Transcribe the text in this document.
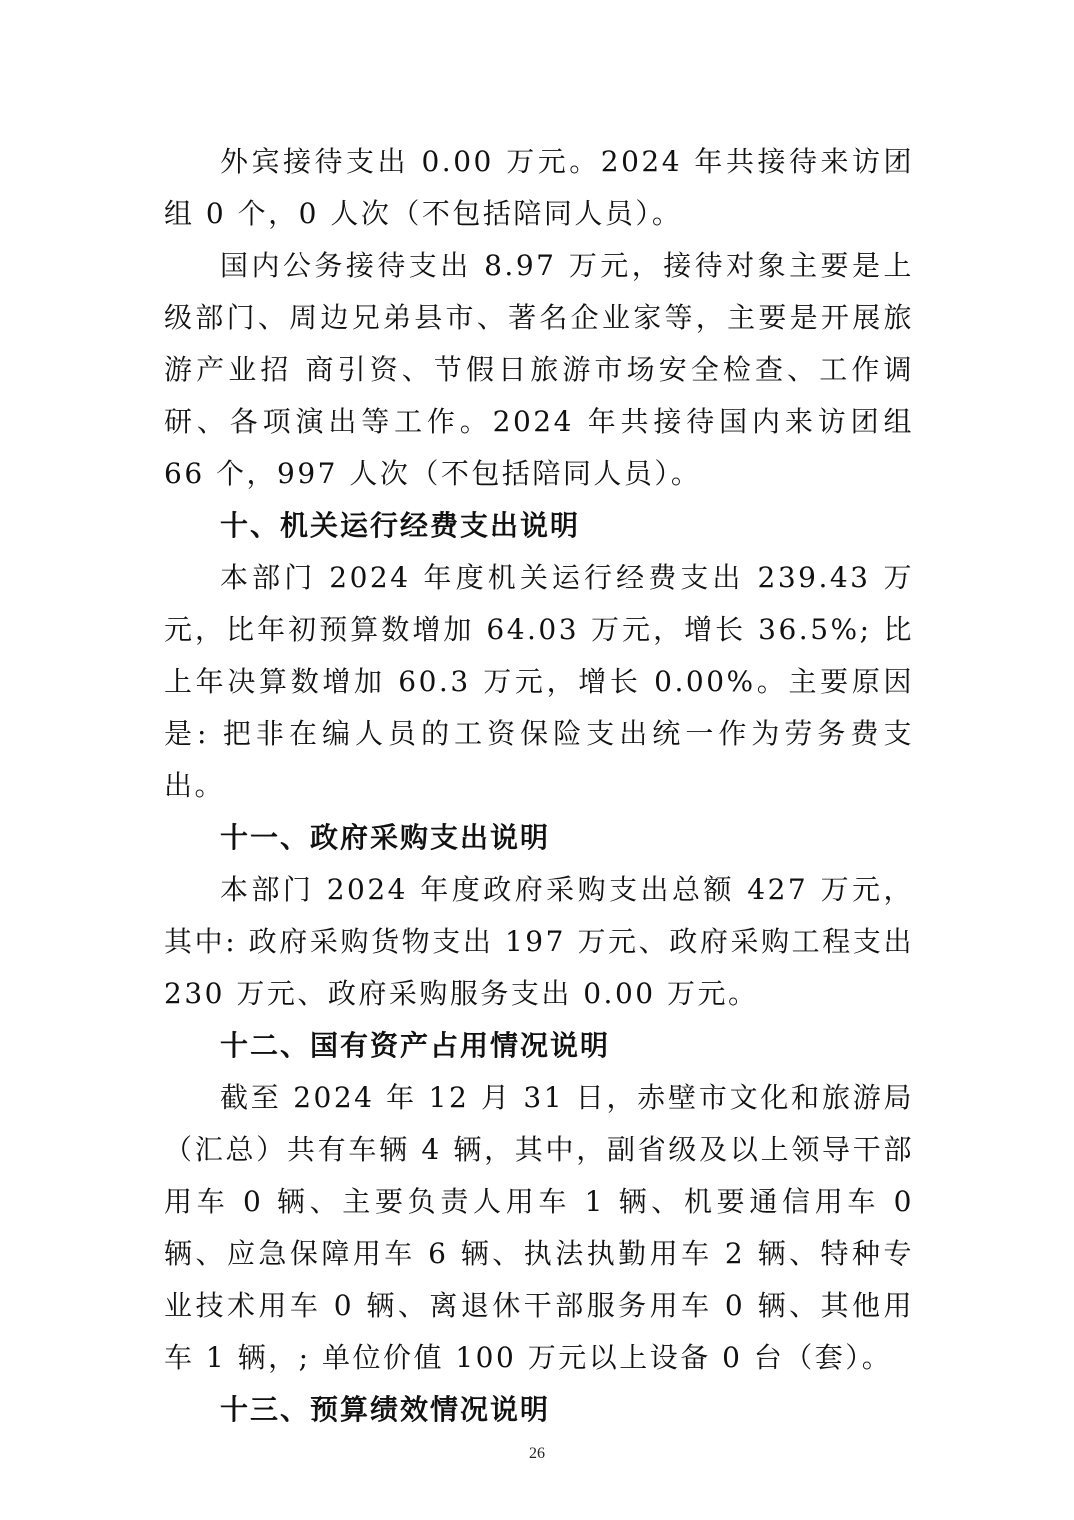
外宾接待支出 0.00 万元。2024 年共接待来访团组 0 个，0 人次（不包括陪同人员）。

国内公务接待支出 8.97 万元，接待对象主要是上级部门、周边兄弟县市、著名企业家等，主要是开展旅游产业招 商引资、节假日旅游市场安全检查、工作调研、各项演出等工作。2024 年共接待国内来访团组 66 个，997 人次（不包括陪同人员）。

十、机关运行经费支出说明

本部门 2024 年度机关运行经费支出 239.43 万元，比年初预算数增加 64.03 万元，增长 36.5%; 比上年决算数增加 60.3 万元，增长 0.00%。主要原因是: 把非在编人员的工资保险支出统一作为劳务费支出。

十一、政府采购支出说明

本部门 2024 年度政府采购支出总额 427 万元，其中: 政府采购货物支出 197 万元、政府采购工程支出 230 万元、政府采购服务支出 0.00 万元。

十二、国有资产占用情况说明

截至 2024 年 12 月 31 日，赤壁市文化和旅游局（汇总）共有车辆 4 辆，其中，副省级及以上领导干部用车 0 辆、主要负责人用车 1 辆、机要通信用车 0 辆、应急保障用车 6 辆、执法执勤用车 2 辆、特种专业技术用车 0 辆、离退休干部服务用车 0 辆、其他用车 1 辆，; 单位价值 100 万元以上设备 0 台（套）。

十三、预算绩效情况说明

26
